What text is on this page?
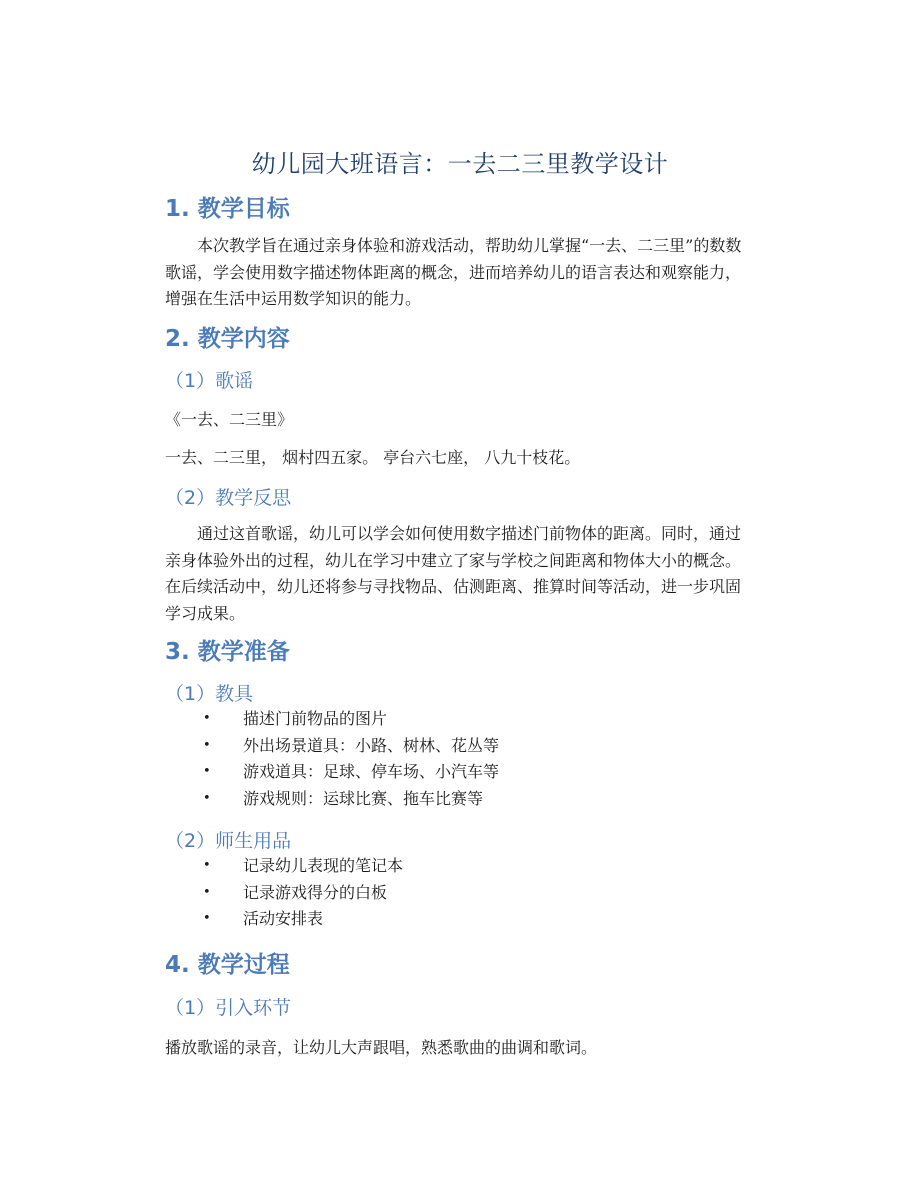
幼儿园大班语言：一去二三里教学设计
1. 教学目标
本次教学旨在通过亲身体验和游戏活动，帮助幼儿掌握“一去、二三里”的数数
歌谣，学会使用数字描述物体距离的概念，进而培养幼儿的语言表达和观察能力，
增强在生活中运用数学知识的能力。
2. 教学内容
（1）歌谣
《一去、二三里》
一去、二三里， 烟村四五家。 亭台六七座， 八九十枝花。
（2）教学反思
通过这首歌谣，幼儿可以学会如何使用数字描述门前物体的距离。同时，通过
亲身体验外出的过程，幼儿在学习中建立了家与学校之间距离和物体大小的概念。
在后续活动中，幼儿还将参与寻找物品、估测距离、推算时间等活动，进一步巩固
学习成果。
3. 教学准备
（1）教具
• 描述门前物品的图片
• 外出场景道具：小路、树林、花丛等
• 游戏道具：足球、停车场、小汽车等
• 游戏规则：运球比赛、拖车比赛等
（2）师生用品
• 记录幼儿表现的笔记本
• 记录游戏得分的白板
• 活动安排表
4. 教学过程
（1）引入环节
播放歌谣的录音，让幼儿大声跟唱，熟悉歌曲的曲调和歌词。
